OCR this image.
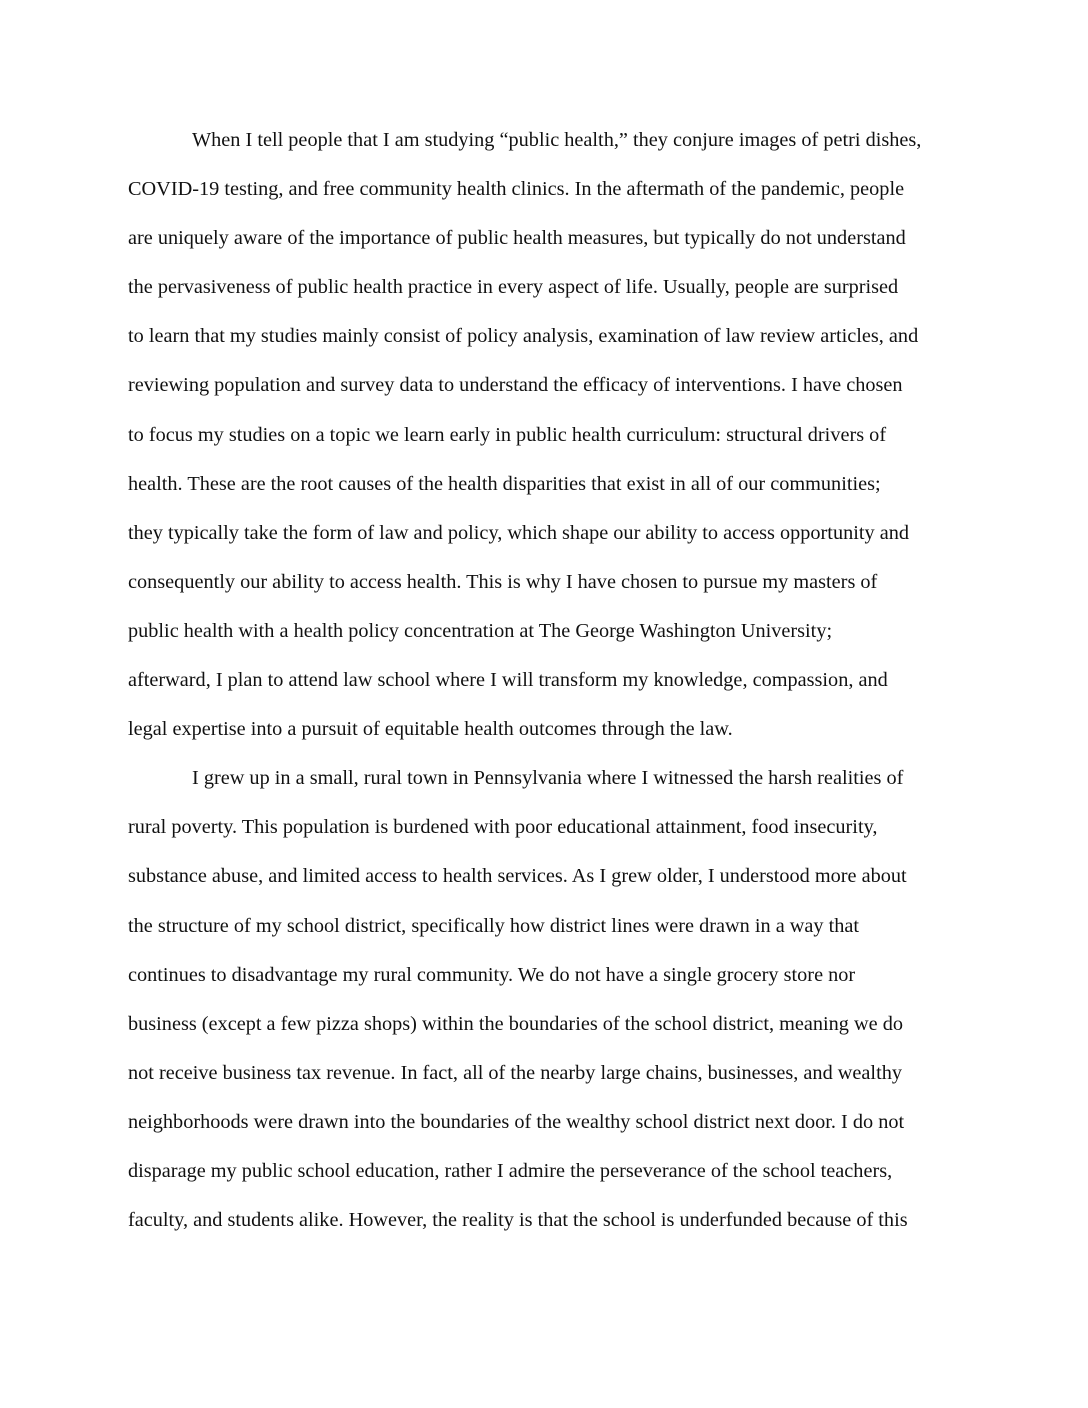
When I tell people that I am studying “public health,” they conjure images of petri dishes,
COVID-19 testing, and free community health clinics. In the aftermath of the pandemic, people
are uniquely aware of the importance of public health measures, but typically do not understand
the pervasiveness of public health practice in every aspect of life. Usually, people are surprised
to learn that my studies mainly consist of policy analysis, examination of law review articles, and
reviewing population and survey data to understand the efficacy of interventions. I have chosen
to focus my studies on a topic we learn early in public health curriculum: structural drivers of
health. These are the root causes of the health disparities that exist in all of our communities;
they typically take the form of law and policy, which shape our ability to access opportunity and
consequently our ability to access health. This is why I have chosen to pursue my masters of
public health with a health policy concentration at The George Washington University;
afterward, I plan to attend law school where I will transform my knowledge, compassion, and
legal expertise into a pursuit of equitable health outcomes through the law.
I grew up in a small, rural town in Pennsylvania where I witnessed the harsh realities of
rural poverty. This population is burdened with poor educational attainment, food insecurity,
substance abuse, and limited access to health services. As I grew older, I understood more about
the structure of my school district, specifically how district lines were drawn in a way that
continues to disadvantage my rural community. We do not have a single grocery store nor
business (except a few pizza shops) within the boundaries of the school district, meaning we do
not receive business tax revenue. In fact, all of the nearby large chains, businesses, and wealthy
neighborhoods were drawn into the boundaries of the wealthy school district next door. I do not
disparage my public school education, rather I admire the perseverance of the school teachers,
faculty, and students alike. However, the reality is that the school is underfunded because of this
